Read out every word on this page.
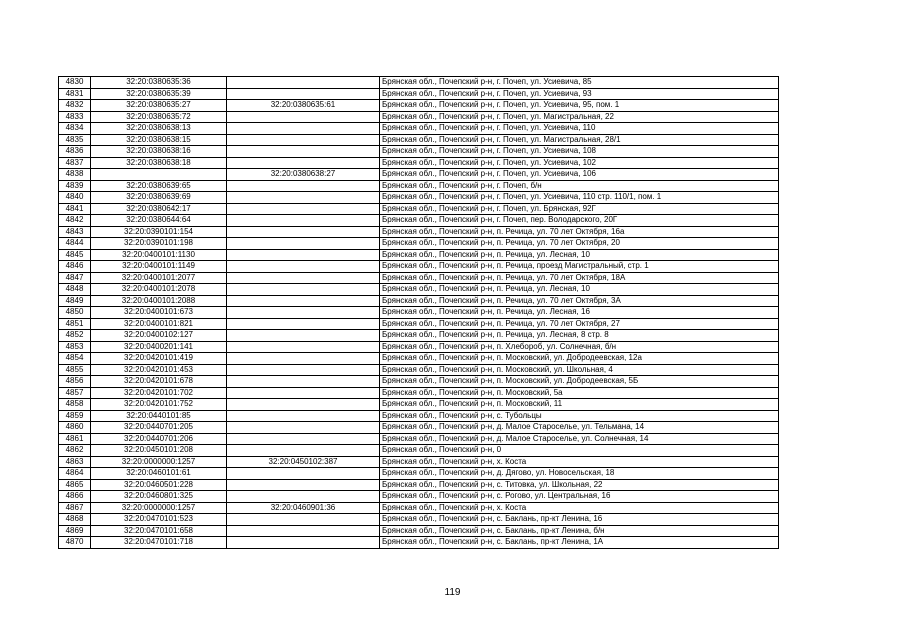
4830	32:20:0380635:36		Брянская обл., Почепский р-н, г. Почеп, ул. Усиевича, 85
4831	32:20:0380635:39		Брянская обл., Почепский р-н, г. Почеп, ул. Усиевича, 93
4832	32:20:0380635:27	32:20:0380635:61	Брянская обл., Почепский р-н, г. Почеп, ул. Усиевича, 95, пом. 1
4833	32:20:0380635:72		Брянская обл., Почепский р-н, г. Почеп, ул. Магистральная, 22
4834	32:20:0380638:13		Брянская обл., Почепский р-н, г. Почеп, ул. Усиевича, 110
4835	32:20:0380638:15		Брянская обл., Почепский р-н, г. Почеп, ул. Магистральная, 28/1
4836	32:20:0380638:16		Брянская обл., Почепский р-н, г. Почеп, ул. Усиевича, 108
4837	32:20:0380638:18		Брянская обл., Почепский р-н, г. Почеп, ул. Усиевича, 102
4838		32:20:0380638:27	Брянская обл., Почепский р-н, г. Почеп, ул. Усиевича, 106
4839	32:20:0380639:65		Брянская обл., Почепский р-н, г. Почеп, б/н
4840	32:20:0380639:69		Брянская обл., Почепский р-н, г. Почеп, ул. Усиевича, 110 стр. 110/1, пом. 1
4841	32:20:0380642:17		Брянская обл., Почепский р-н, г. Почеп, ул. Брянская, 92Г
4842	32:20:0380644:64		Брянская обл., Почепский р-н, г. Почеп, пер. Володарского, 20Г
4843	32:20:0390101:154		Брянская обл., Почепский р-н, п. Речица, ул. 70 лет Октября, 16а
4844	32:20:0390101:198		Брянская обл., Почепский р-н, п. Речица, ул. 70 лет Октября, 20
4845	32:20:0400101:1130		Брянская обл., Почепский р-н, п. Речица, ул. Лесная, 10
4846	32:20:0400101:1149		Брянская обл., Почепский р-н, п. Речица, проезд Магистральный, стр. 1
4847	32:20:0400101:2077		Брянская обл., Почепский р-н, п. Речица, ул. 70 лет Октября, 18А
4848	32:20:0400101:2078		Брянская обл., Почепский р-н, п. Речица, ул. Лесная, 10
4849	32:20:0400101:2088		Брянская обл., Почепский р-н, п. Речица, ул. 70 лет Октября, 3А
4850	32:20:0400101:673		Брянская обл., Почепский р-н, п. Речица, ул. Лесная, 16
4851	32:20:0400101:821		Брянская обл., Почепский р-н, п. Речица, ул. 70 лет Октября, 27
4852	32:20:0400102:127		Брянская обл., Почепский р-н, п. Речица, ул. Лесная, 8 стр. 8
4853	32:20:0400201:141		Брянская обл., Почепский р-н, п. Хлебороб, ул. Солнечная, б/н
4854	32:20:0420101:419		Брянская обл., Почепский р-н, п. Московский, ул. Добродеевская, 12а
4855	32:20:0420101:453		Брянская обл., Почепский р-н, п. Московский, ул. Школьная, 4
4856	32:20:0420101:678		Брянская обл., Почепский р-н, п. Московский, ул. Добродеевская, 5Б
4857	32:20:0420101:702		Брянская обл., Почепский р-н, п. Московский, 5а
4858	32:20:0420101:752		Брянская обл., Почепский р-н, п. Московский, 11
4859	32:20:0440101:85		Брянская обл., Почепский р-н, с. Тубольцы
4860	32:20:0440701:205		Брянская обл., Почепский р-н, д. Малое Староселье, ул. Тельмана, 14
4861	32:20:0440701:206		Брянская обл., Почепский р-н, д. Малое Староселье, ул. Солнечная, 14
4862	32:20:0450101:208		Брянская обл., Почепский р-н, 0
4863	32:20:0000000:1257	32:20:0450102:387	Брянская обл., Почепский р-н, х. Коста
4864	32:20:0460101:61		Брянская обл., Почепский р-н, д. Дягово, ул. Новосельская, 18
4865	32:20:0460501:228		Брянская обл., Почепский р-н, с. Титовка, ул. Школьная, 22
4866	32:20:0460801:325		Брянская обл., Почепский р-н, с. Рогово, ул. Центральная, 16
4867	32:20:0000000:1257	32:20:0460901:36	Брянская обл., Почепский р-н, х. Коста
4868	32:20:0470101:523		Брянская обл., Почепский р-н, с. Баклань, пр-кт Ленина, 16
4869	32:20:0470101:658		Брянская обл., Почепский р-н, с. Баклань, пр-кт Ленина, б/н
4870	32:20:0470101:718		Брянская обл., Почепский р-н, с. Баклань, пр-кт Ленина, 1А
119
